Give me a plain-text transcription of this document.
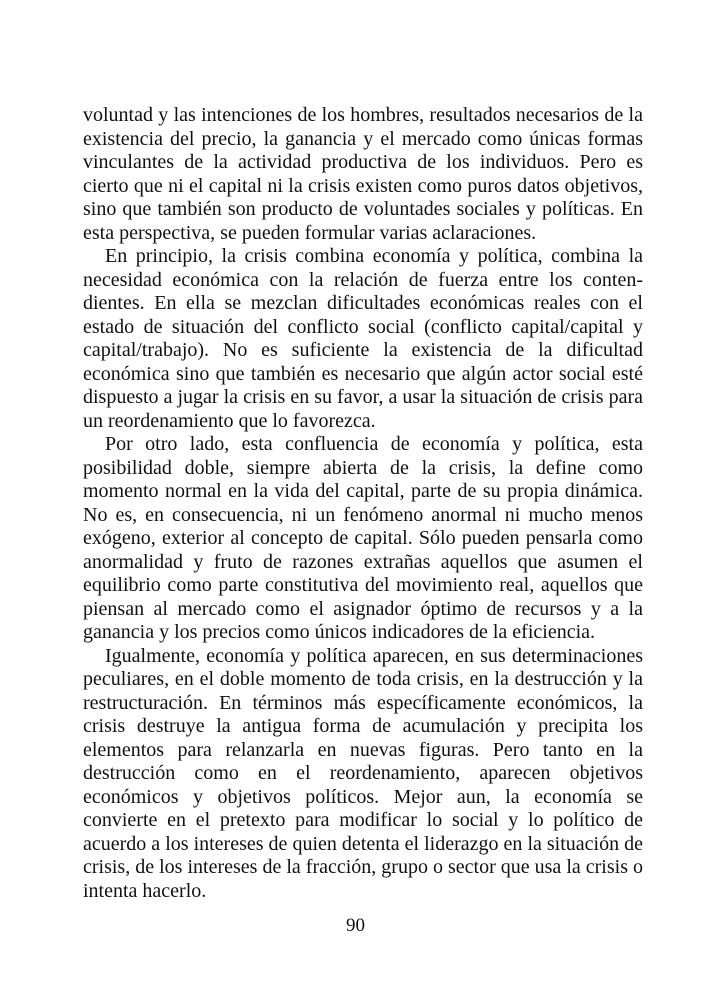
voluntad y las intenciones de los hombres, resultados necesarios de la existencia del precio, la ganancia y el mercado como únicas formas vinculantes de la actividad productiva de los individuos. Pero es cierto que ni el capital ni la crisis existen como puros datos objetivos, sino que también son producto de voluntades sociales y políticas. En esta perspectiva, se pueden formular varias aclaraciones.

En principio, la crisis combina economía y política, combina la necesidad económica con la relación de fuerza entre los contendientes. En ella se mezclan dificultades económicas reales con el estado de situación del conflicto social (conflicto capital/capital y capital/trabajo). No es suficiente la existencia de la dificultad económica sino que también es necesario que algún actor social esté dispuesto a jugar la crisis en su favor, a usar la situación de crisis para un reordenamiento que lo favorezca.

Por otro lado, esta confluencia de economía y política, esta posibilidad doble, siempre abierta de la crisis, la define como momento normal en la vida del capital, parte de su propia dinámica. No es, en consecuencia, ni un fenómeno anormal ni mucho menos exógeno, exterior al concepto de capital. Sólo pueden pensarla como anormalidad y fruto de razones extrañas aquellos que asumen el equilibrio como parte constitutiva del movimiento real, aquellos que piensan al mercado como el asignador óptimo de recursos y a la ganancia y los precios como únicos indicadores de la eficiencia.

Igualmente, economía y política aparecen, en sus determinaciones peculiares, en el doble momento de toda crisis, en la destrucción y la restructuración. En términos más específicamente económicos, la crisis destruye la antigua forma de acumulación y precipita los elementos para relanzarla en nuevas figuras. Pero tanto en la destrucción como en el reordenamiento, aparecen objetivos económicos y objetivos políticos. Mejor aun, la economía se convierte en el pretexto para modificar lo social y lo político de acuerdo a los intereses de quien detenta el liderazgo en la situación de crisis, de los intereses de la fracción, grupo o sector que usa la crisis o intenta hacerlo.

90
